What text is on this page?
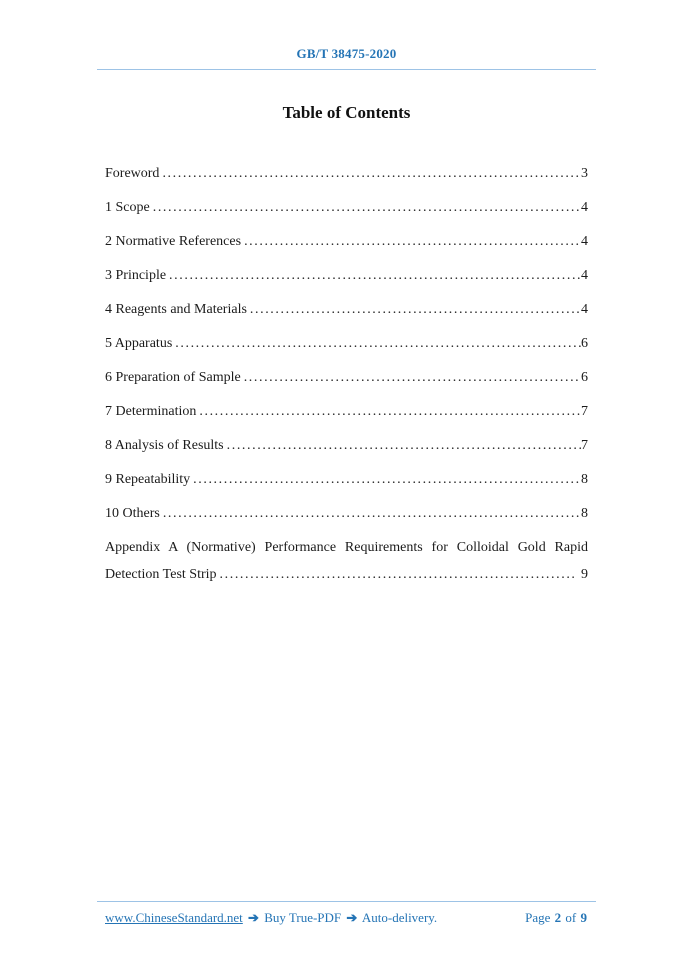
GB/T 38475-2020
Table of Contents
Foreword .....	3
1 Scope .....	4
2 Normative References .....	4
3 Principle .....	4
4 Reagents and Materials .....	4
5 Apparatus .....	6
6 Preparation of Sample .....	6
7 Determination .....	7
8 Analysis of Results .....	7
9 Repeatability .....	8
10 Others .....	8
Appendix A (Normative) Performance Requirements for Colloidal Gold Rapid
Detection Test Strip .....	9
www.ChineseStandard.net ➔ Buy True-PDF ➔ Auto-delivery.	Page 2 of 9
